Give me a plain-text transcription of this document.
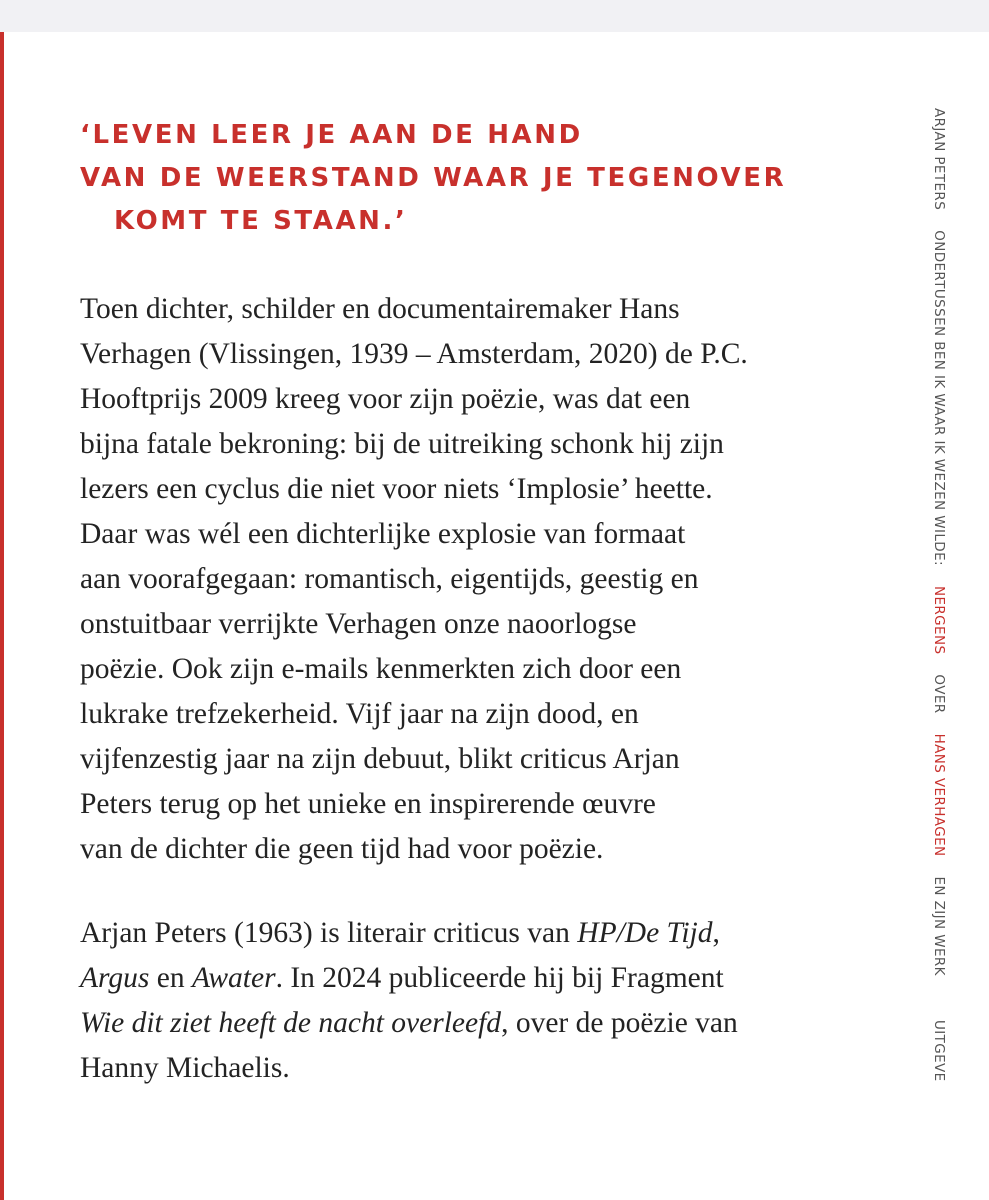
‘LEVEN LEER JE AAN DE HAND
VAN DE WEERSTAND WAAR JE TEGENOVER
KOMT TE STAAN.’

Toen dichter, schilder en documentairemaker Hans
Verhagen (Vlissingen, 1939 – Amsterdam, 2020) de P.C.
Hooftprijs 2009 kreeg voor zijn poëzie, was dat een
bijna fatale bekroning: bij de uitreiking schonk hij zijn
lezers een cyclus die niet voor niets ‘Implosie’ heette.
Daar was wél een dichterlijke explosie van formaat
aan voorafgegaan: romantisch, eigentijds, geestig en
onstuitbaar verrijkte Verhagen onze naoorlogse
poëzie. Ook zijn e-mails kenmerkten zich door een
lukrake trefzekerheid. Vijf jaar na zijn dood, en
vijfenzestig jaar na zijn debuut, blikt criticus Arjan
Peters terug op het unieke en inspirerende œuvre
van de dichter die geen tijd had voor poëzie.

Arjan Peters (1963) is literair criticus van HP/De Tijd,
Argus en Awater. In 2024 publiceerde hij bij Fragment
Wie dit ziet heeft de nacht overleefd, over de poëzie van
Hanny Michaelis.

ARJAN PETERSONDERTUSSEN BEN IK WAAR IK WEZEN WILDE:NERGENSOVERHANS VERHAGENEN ZIJN WERKUITGEVE
